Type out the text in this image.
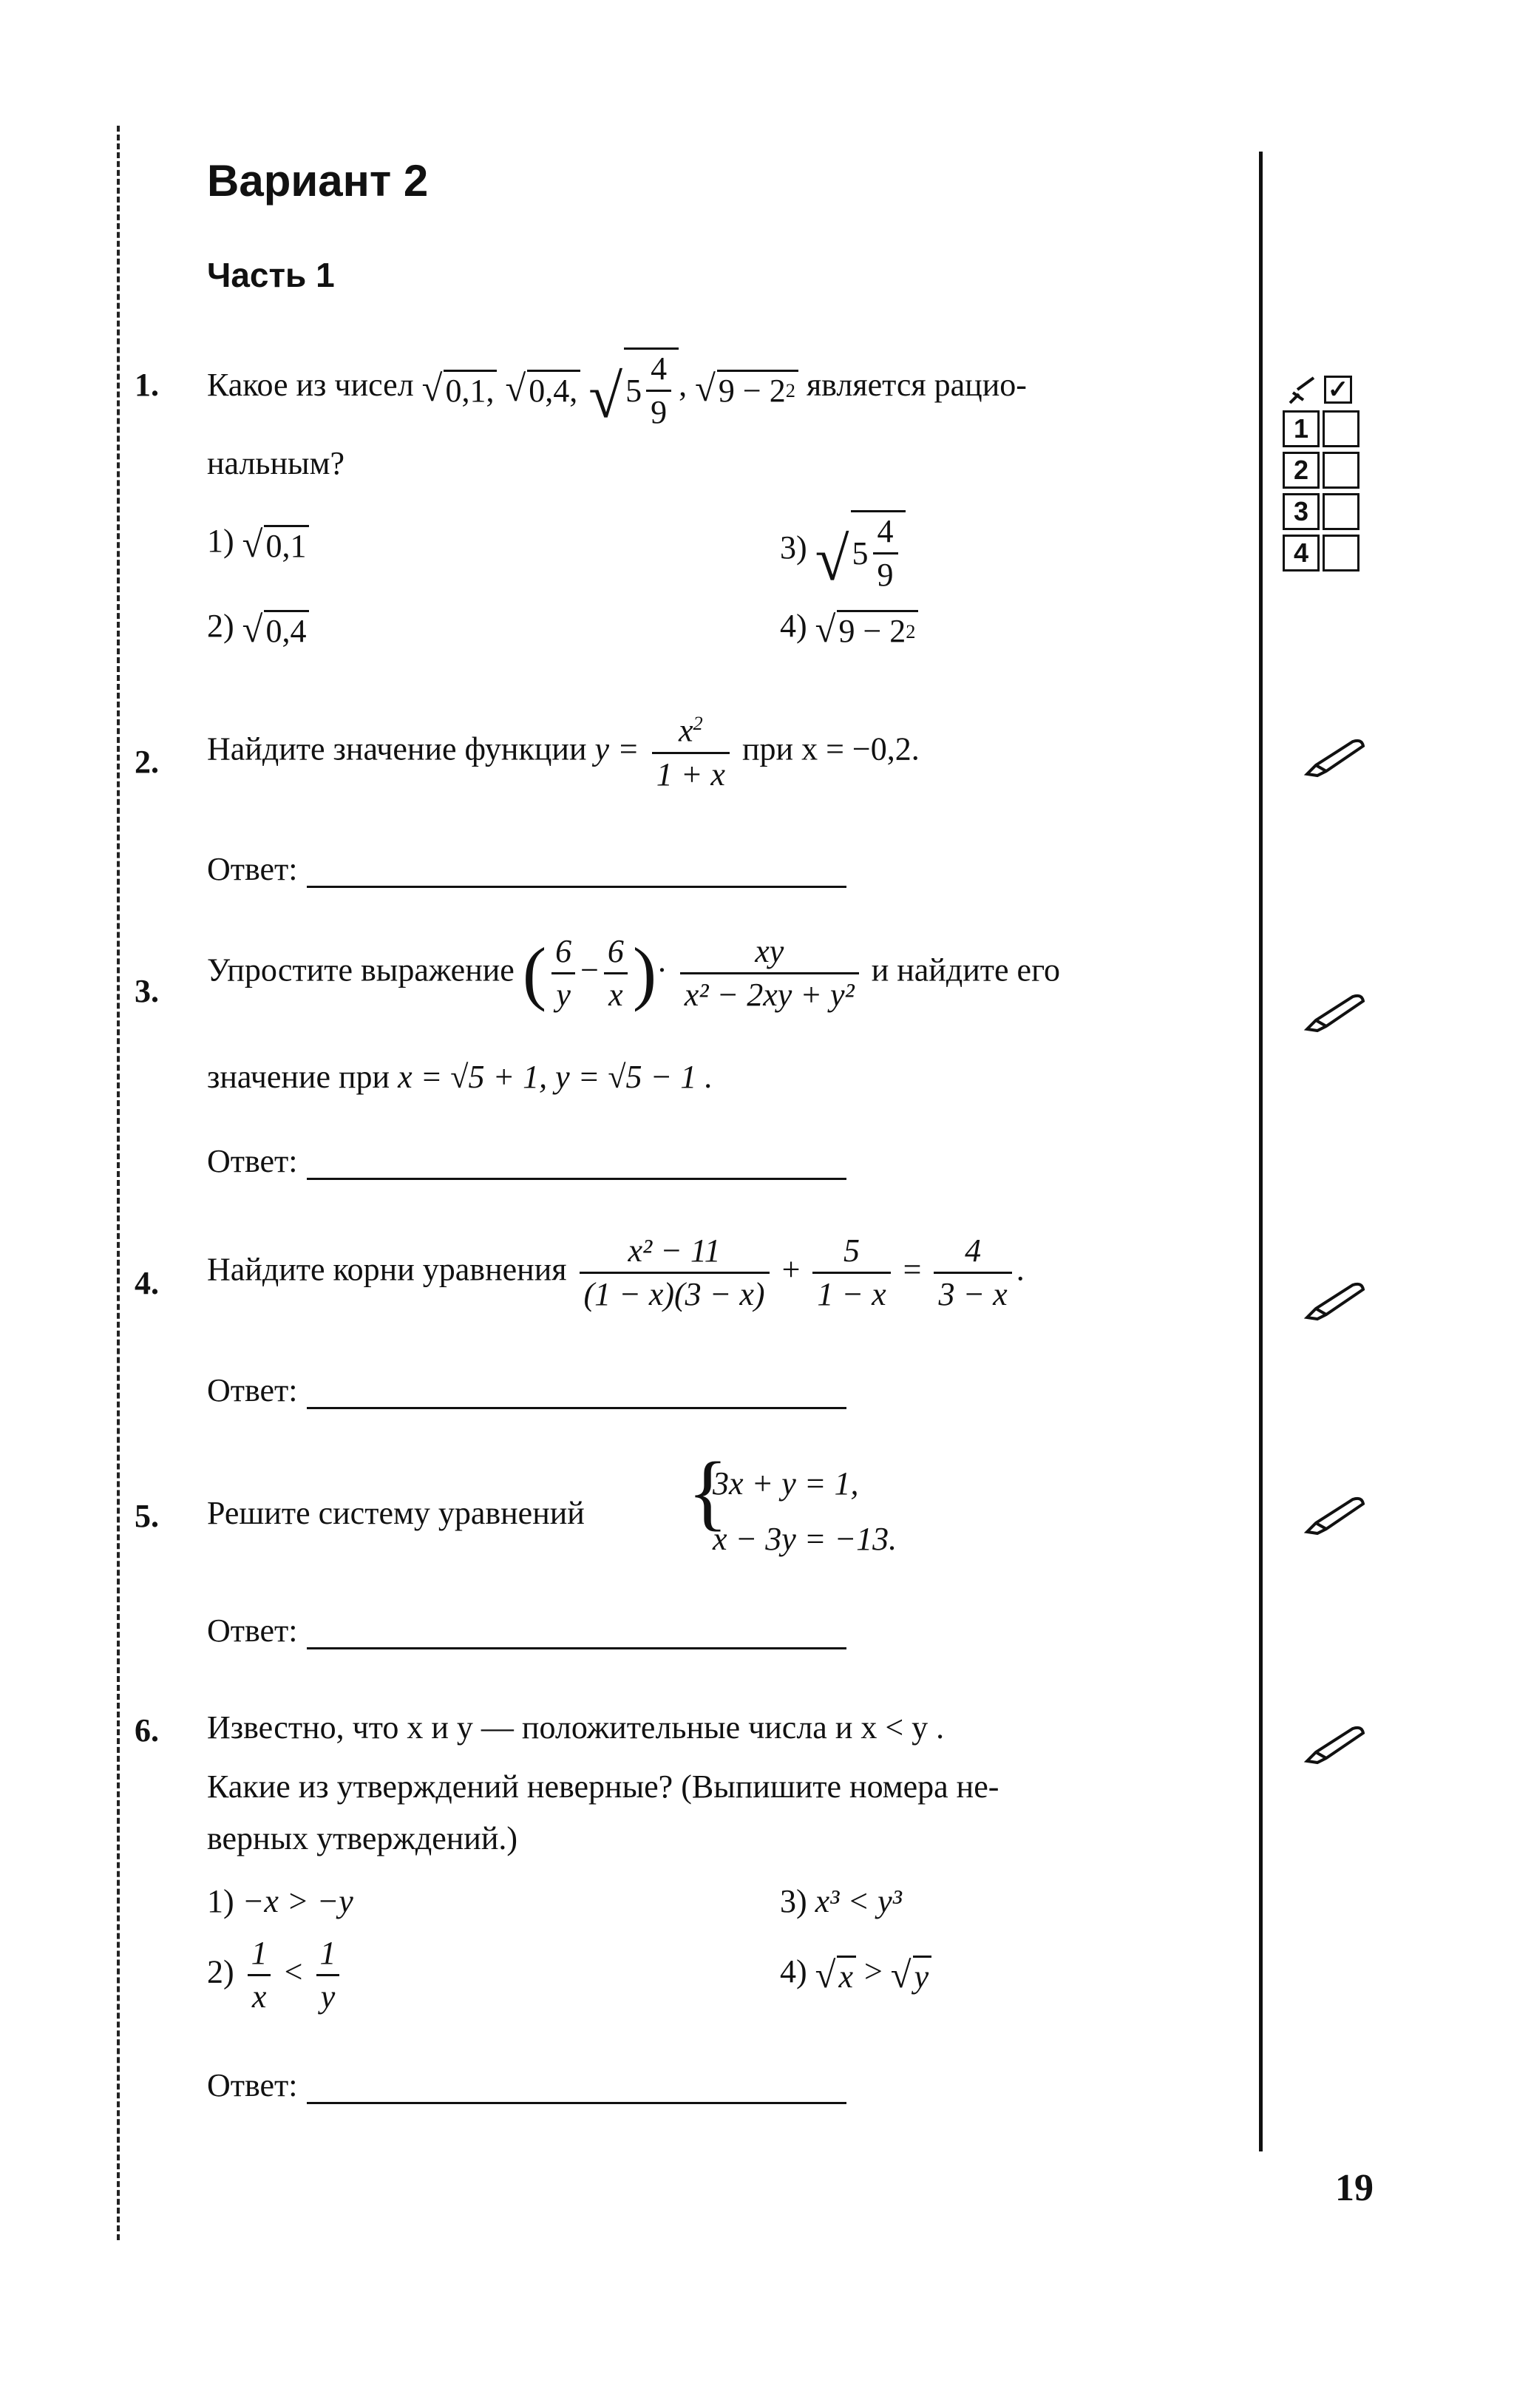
Вариант 2
Часть 1
1. Какое из чисел √ 0,1,
√ 0,4,
√ $5 \frac{4}{9}$ , √ 9 − 2 2 является рацио-
нальным?
1) √ 0,1
2) √ 0,4
3) √ $5 \frac{4}{9}$
4) √ 9 − 2 2
✓
1
2
3
4
2. Найдите значение функции $y = \frac{x^2}{1 + x}$ при x = −0,2.
Ответ:
3.
Упростите выражение ( $\frac{6}{y} - \frac{6}{x}$ )· $\frac{xy}{\text{x² − 2xy + y²}}$ и найдите его
значение при x = √5 + 1, y = √5 − 1 .
Ответ:
4. Найдите корни уравнения $\frac{\text{x² − 11}}{(1 - x)(3 - x)} + \frac{5}{1 - x} = \frac{4}{3 - x}$ .
Ответ:
5. Решите систему уравнений {
3x + y = 1,
x − 3y = −13.
Ответ:
6. Известно, что x и y — положительные числа и x < y .
Какие из утверждений неверные? (Выпишите номера не-
верных утверждений.)
1) −x > −y
$2) \frac{1}{x} < \frac{1}{y}$
3) x³ < y³
4) √ x > √ y
Ответ:
19
